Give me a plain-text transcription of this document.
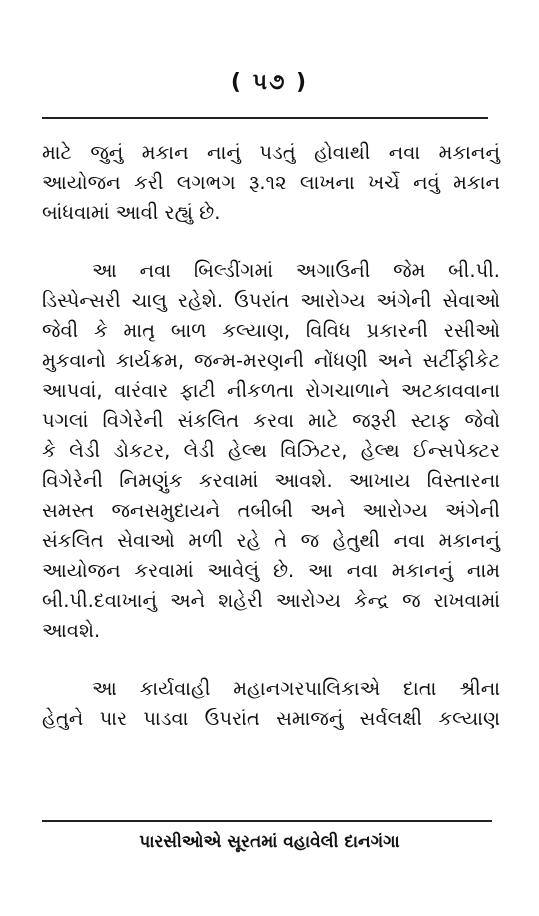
( ૫૭ )
માટે જુનું મકાન નાનું પડતું હોવાથી નવા મકાનનું
આયોજન કરી લગભગ રૂ.૧૨ લાખના ખર્ચે નવું મકાન
બાંધવામાં આવી રહ્યું છે.
આ નવા બિલ્ડીંગમાં અગાઉની જેમ બી.પી.
ડિસ્પેન્સરી ચાલુ રહેશે. ઉપરાંત આરોગ્ય અંગેની સેવાઓ
જેવી કે માતૃ બાળ કલ્યાણ, વિવિધ પ્રકારની રસીઓ
મુકવાનો કાર્યક્રમ, જન્મ-મરણની નોંધણી અને સર્ટીફીકેટ
આપવાં, વારંવાર ફાટી નીકળતા રોગચાળાને અટકાવવાના
પગલાં વિગેરેની સંકલિત કરવા માટે જરૂરી સ્ટાફ જેવો
કે લેડી ડોકટર, લેડી હેલ્થ વિઝિટર, હેલ્થ ઈન્સપેક્ટર
વિગેરેની નિમણુંક કરવામાં આવશે. આખાય વિસ્તારના
સમસ્ત જનસમુદાયને તબીબી અને આરોગ્ય અંગેની
સંકલિત સેવાઓ મળી રહે તે જ હેતુથી નવા મકાનનું
આયોજન કરવામાં આવેલું છે. આ નવા મકાનનું નામ
બી.પી.દવાખાનું અને શહેરી આરોગ્ય કેન્દ્ર જ રાખવામાં
આવશે.
આ કાર્યવાહી મહાનગરપાલિકાએ દાતા શ્રીના
હેતુને પાર પાડવા ઉપરાંત સમાજનું સર્વલક્ષી કલ્યાણ
પારસીઓએ સૂરતમાં વહાવેલી દાનગંગા
